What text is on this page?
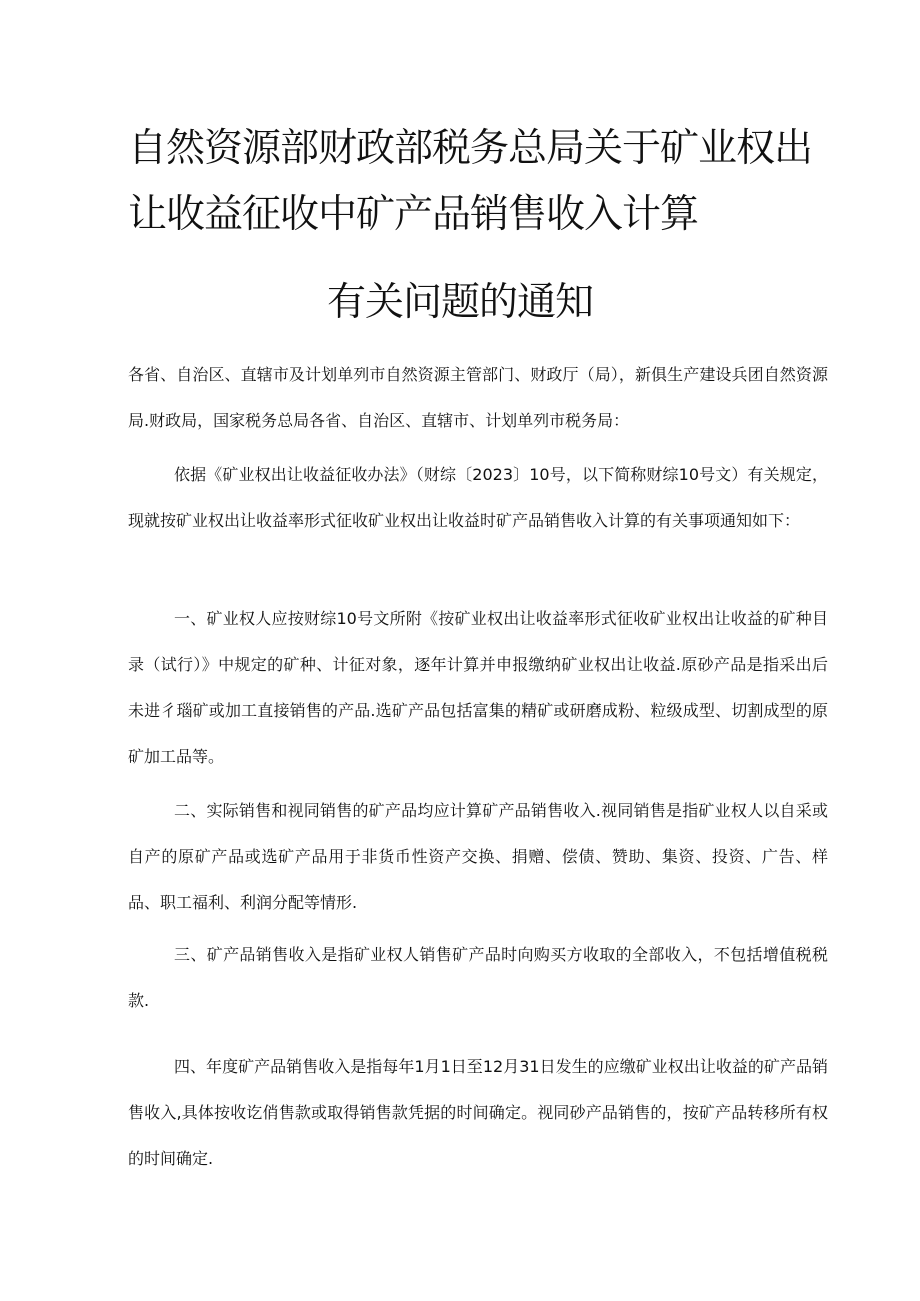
自然资源部财政部税务总局关于矿业权出
让收益征收中矿产品销售收入计算
有关问题的通知

各省、自治区、直辖市及计划单列市自然资源主管部门、财政厅（局），新俱生产建设兵团自然资源局.财政局，国家税务总局各省、自治区、直辖市、计划单列市税务局：

依据《矿业权出让收益征收办法》（财综〔2023〕10号，以下简称财综10号文）有关规定，现就按矿业权出让收益率形式征收矿业权出让收益时矿产品销售收入计算的有关事项通知如下：

一、矿业权人应按财综10号文所附《按矿业权出让收益率形式征收矿业权出让收益的矿种目录（试行）》中规定的矿种、计征对象，逐年计算并申报缴纳矿业权出让收益.原砂产品是指采出后未进彳瑙矿或加工直接销售的产品.选矿产品包括富集的精矿或研磨成粉、粒级成型、切割成型的原矿加工品等。

二、实际销售和视同销售的矿产品均应计算矿产品销售收入.视同销售是指矿业权人以自采或自产的原矿产品或选矿产品用于非货币性资产交换、捐赠、偿债、赞助、集资、投资、广告、样品、职工福利、利润分配等情形.

三、矿产品销售收入是指矿业权人销售矿产品时向购买方收取的全部收入，不包括增值税税款.

四、年度矿产品销售收入是指每年1月1日至12月31日发生的应缴矿业权出让收益的矿产品销售收入,具体按收讫俏售款或取得销售款凭据的时间确定。视同砂产品销售的，按矿产品转移所有权的时间确定.
